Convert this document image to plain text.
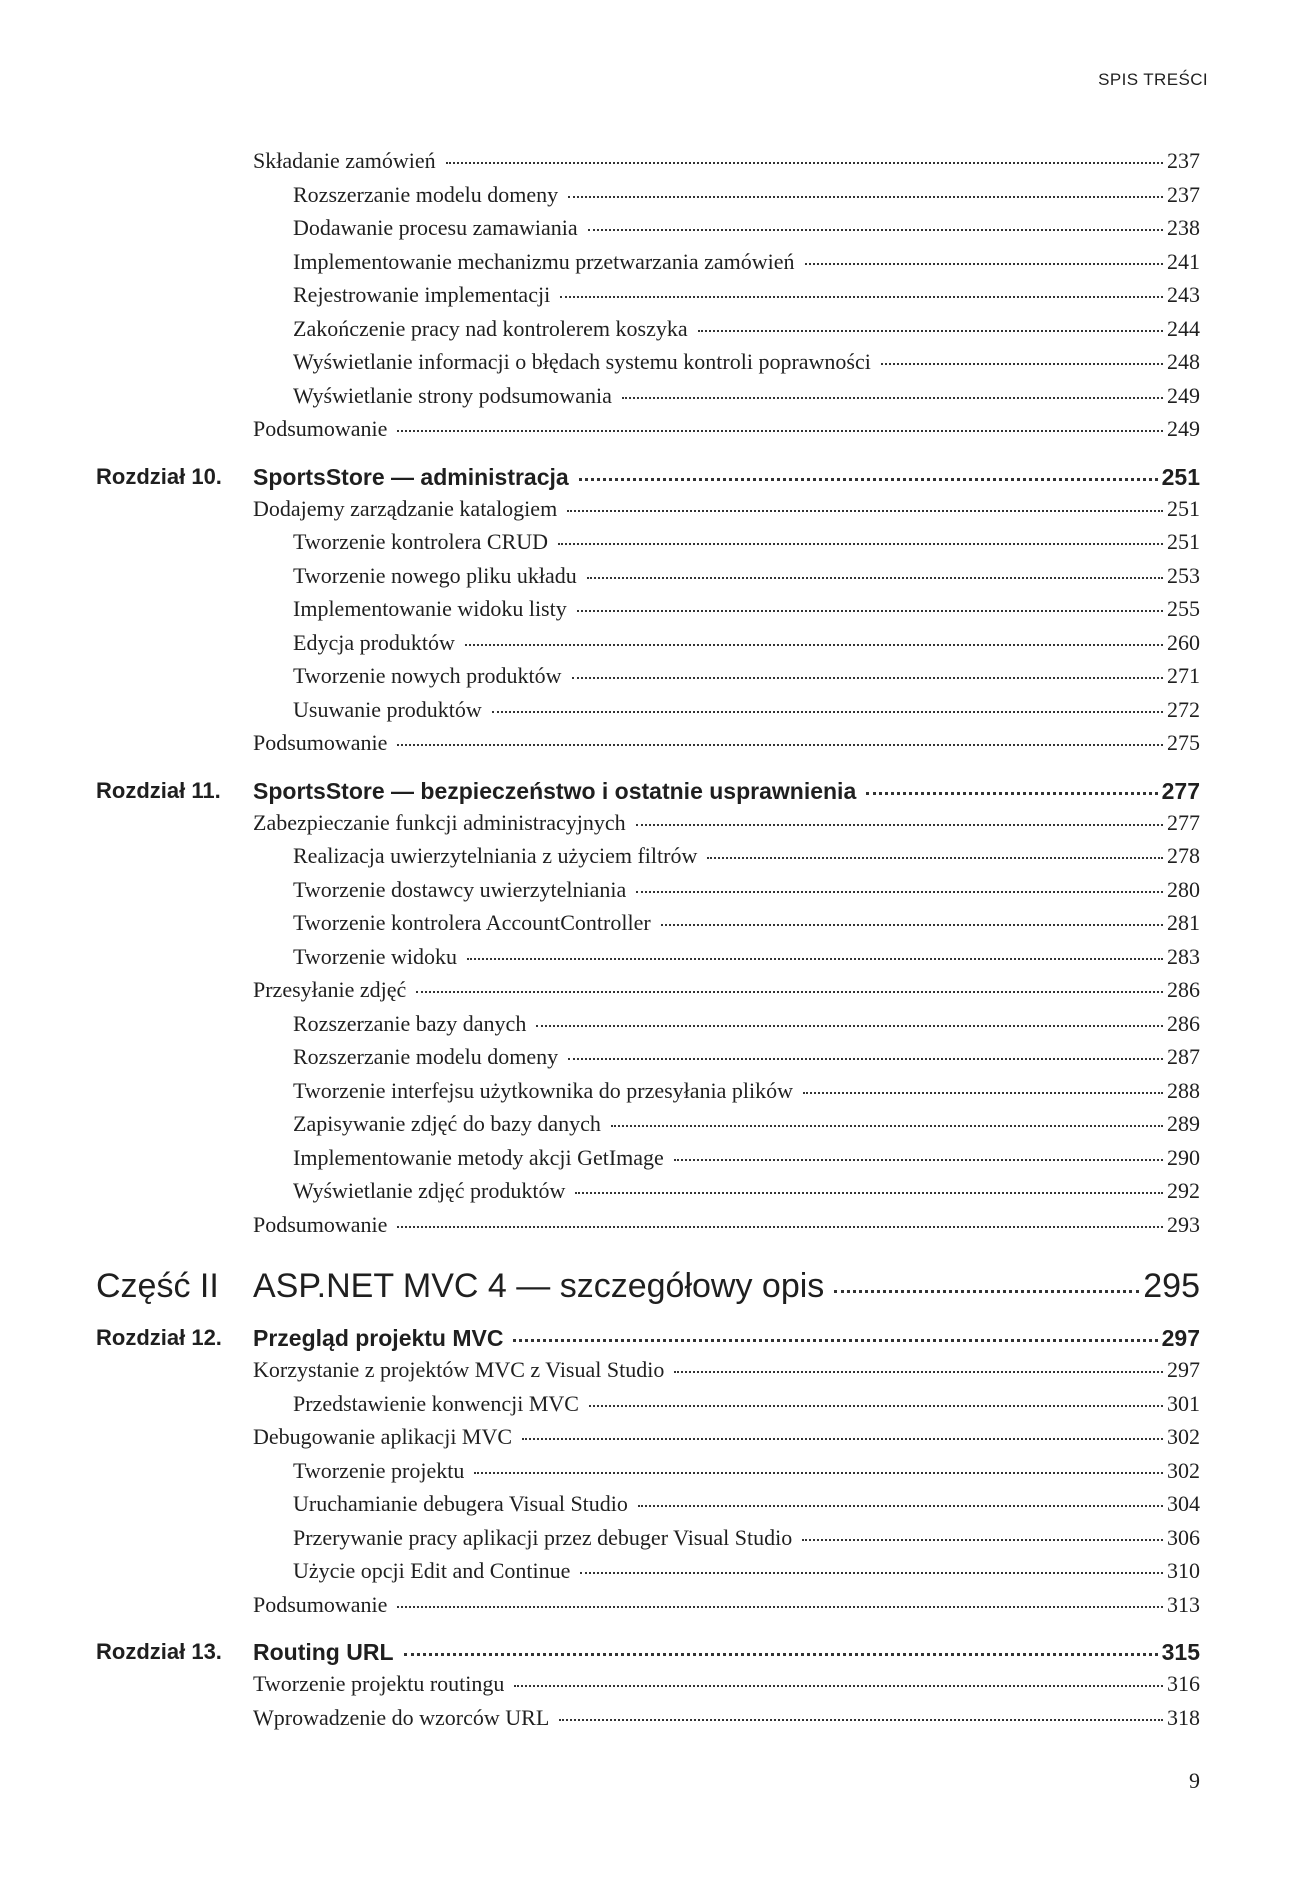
SPIS TREŚCI
Składanie zamówień	237
Rozszerzanie modelu domeny	237
Dodawanie procesu zamawiania	238
Implementowanie mechanizmu przetwarzania zamówień	241
Rejestrowanie implementacji	243
Zakończenie pracy nad kontrolerem koszyka	244
Wyświetlanie informacji o błędach systemu kontroli poprawności	248
Wyświetlanie strony podsumowania	249
Podsumowanie	249
Rozdział 10. SportsStore — administracja	251
Dodajemy zarządzanie katalogiem	251
Tworzenie kontrolera CRUD	251
Tworzenie nowego pliku układu	253
Implementowanie widoku listy	255
Edycja produktów	260
Tworzenie nowych produktów	271
Usuwanie produktów	272
Podsumowanie	275
Rozdział 11. SportsStore — bezpieczeństwo i ostatnie usprawnienia	277
Zabezpieczanie funkcji administracyjnych	277
Realizacja uwierzytelniania z użyciem filtrów	278
Tworzenie dostawcy uwierzytelniania	280
Tworzenie kontrolera AccountController	281
Tworzenie widoku	283
Przesyłanie zdjęć	286
Rozszerzanie bazy danych	286
Rozszerzanie modelu domeny	287
Tworzenie interfejsu użytkownika do przesyłania plików	288
Zapisywanie zdjęć do bazy danych	289
Implementowanie metody akcji GetImage	290
Wyświetlanie zdjęć produktów	292
Podsumowanie	293
Część II ASP.NET MVC 4 — szczegółowy opis	295
Rozdział 12. Przegląd projektu MVC	297
Korzystanie z projektów MVC z Visual Studio	297
Przedstawienie konwencji MVC	301
Debugowanie aplikacji MVC	302
Tworzenie projektu	302
Uruchamianie debugera Visual Studio	304
Przerywanie pracy aplikacji przez debuger Visual Studio	306
Użycie opcji Edit and Continue	310
Podsumowanie	313
Rozdział 13. Routing URL	315
Tworzenie projektu routingu	316
Wprowadzenie do wzorców URL	318
9
